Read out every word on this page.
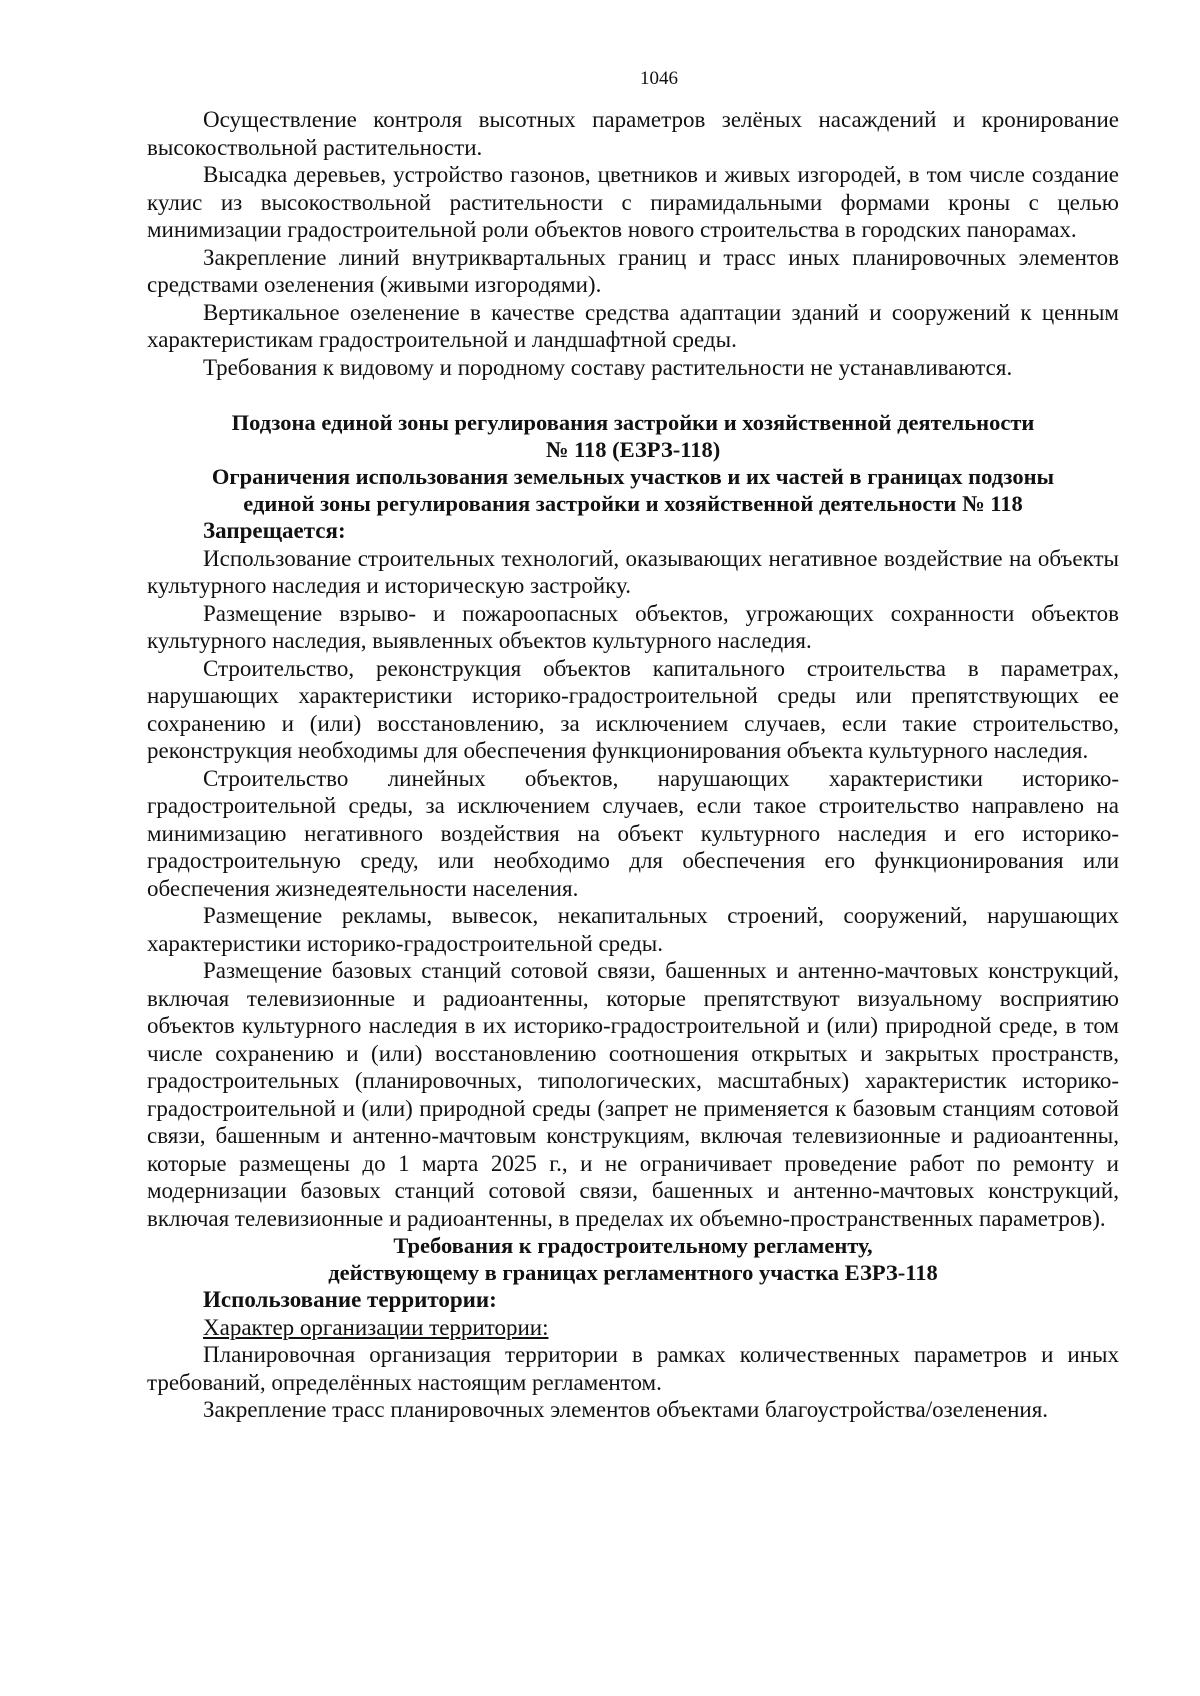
1046

Осуществление контроля высотных параметров зелёных насаждений и кронирование высокоствольной растительности.

Высадка деревьев, устройство газонов, цветников и живых изгородей, в том числе создание кулис из высокоствольной растительности с пирамидальными формами кроны с целью минимизации градостроительной роли объектов нового строительства в городских панорамах.

Закрепление линий внутриквартальных границ и трасс иных планировочных элементов средствами озеленения (живыми изгородями).

Вертикальное озеленение в качестве средства адаптации зданий и сооружений к ценным характеристикам градостроительной и ландшафтной среды.

Требования к видовому и породному составу растительности не устанавливаются.

Подзона единой зоны регулирования застройки и хозяйственной деятельности
№ 118 (ЕЗРЗ-118)
Ограничения использования земельных участков и их частей в границах подзоны
единой зоны регулирования застройки и хозяйственной деятельности № 118
Запрещается:

Использование строительных технологий, оказывающих негативное воздействие на объекты культурного наследия и историческую застройку.

Размещение взрыво- и пожароопасных объектов, угрожающих сохранности объектов культурного наследия, выявленных объектов культурного наследия.

Строительство, реконструкция объектов капитального строительства в параметрах, нарушающих характеристики историко-градостроительной среды или препятствующих ее сохранению и (или) восстановлению, за исключением случаев, если такие строительство, реконструкция необходимы для обеспечения функционирования объекта культурного наследия.

Строительство линейных объектов, нарушающих характеристики историко-градостроительной среды, за исключением случаев, если такое строительство направлено на минимизацию негативного воздействия на объект культурного наследия и его историко-градостроительную среду, или необходимо для обеспечения его функционирования или обеспечения жизнедеятельности населения.

Размещение рекламы, вывесок, некапитальных строений, сооружений, нарушающих характеристики историко-градостроительной среды.

Размещение базовых станций сотовой связи, башенных и антенно-мачтовых конструкций, включая телевизионные и радиоантенны, которые препятствуют визуальному восприятию объектов культурного наследия в их историко-градостроительной и (или) природной среде, в том числе сохранению и (или) восстановлению соотношения открытых и закрытых пространств, градостроительных (планировочных, типологических, масштабных) характеристик историко-градостроительной и (или) природной среды (запрет не применяется к базовым станциям сотовой связи, башенным и антенно-мачтовым конструкциям, включая телевизионные и радиоантенны, которые размещены до 1 марта 2025 г., и не ограничивает проведение работ по ремонту и модернизации базовых станций сотовой связи, башенных и антенно-мачтовых конструкций, включая телевизионные и радиоантенны, в пределах их объемно-пространственных параметров).

Требования к градостроительному регламенту,
действующему в границах регламентного участка ЕЗРЗ-118
Использование территории:
Характер организации территории:

Планировочная организация территории в рамках количественных параметров и иных требований, определённых настоящим регламентом.

Закрепление трасс планировочных элементов объектами благоустройства/озеленения.
